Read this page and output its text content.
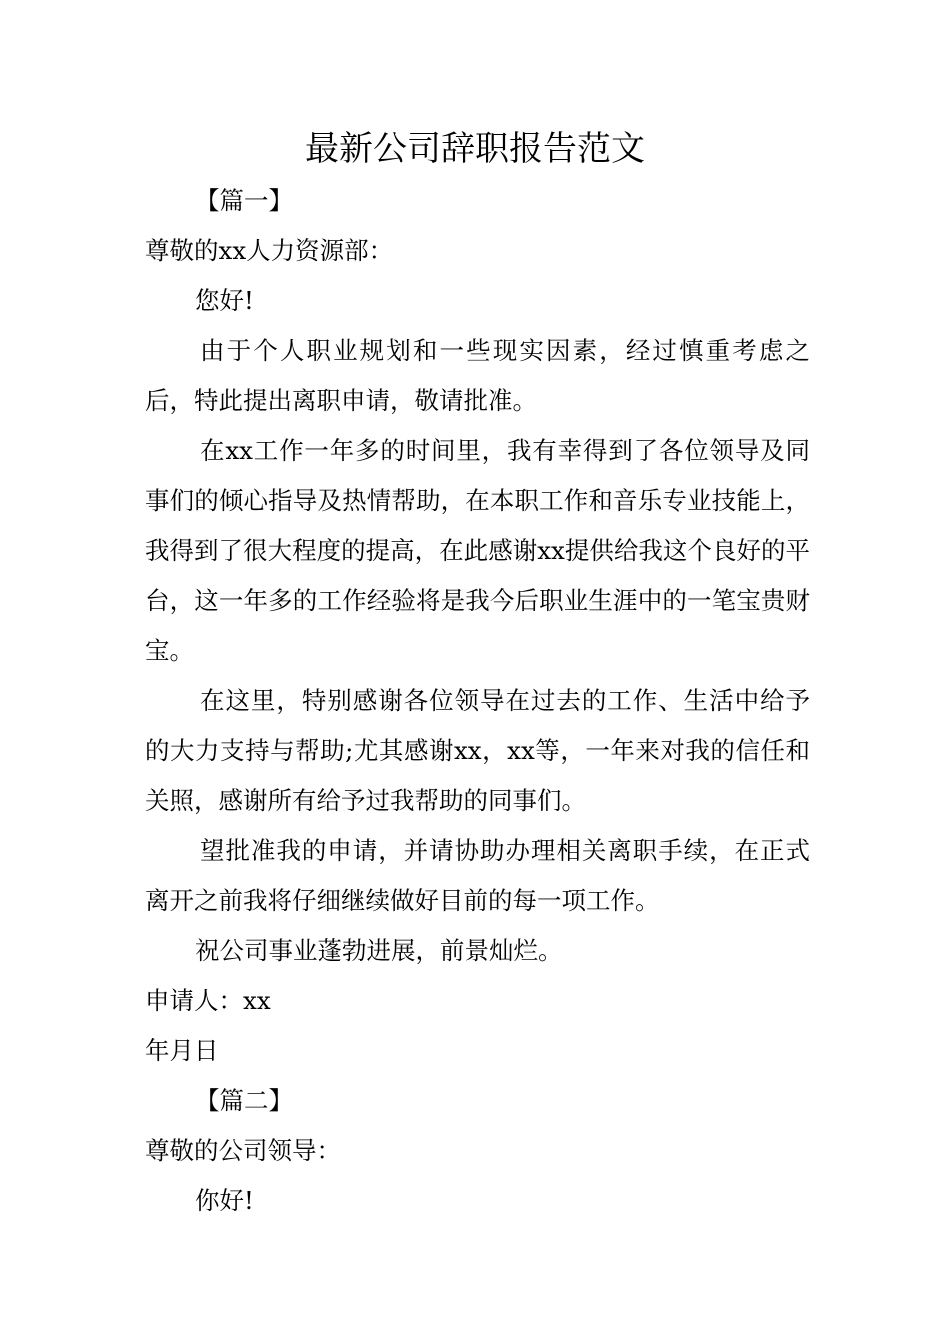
最新公司辞职报告范文

【篇一】

尊敬的xx人力资源部：

您好!

由于个人职业规划和一些现实因素，经过慎重考虑之后，特此提出离职申请，敬请批准。

在xx工作一年多的时间里，我有幸得到了各位领导及同事们的倾心指导及热情帮助，在本职工作和音乐专业技能上，我得到了很大程度的提高，在此感谢xx提供给我这个良好的平台，这一年多的工作经验将是我今后职业生涯中的一笔宝贵财宝。

在这里，特别感谢各位领导在过去的工作、生活中给予的大力支持与帮助;尤其感谢xx，xx等，一年来对我的信任和关照，感谢所有给予过我帮助的同事们。

望批准我的申请，并请协助办理相关离职手续，在正式离开之前我将仔细继续做好目前的每一项工作。

祝公司事业蓬勃进展，前景灿烂。

申请人：xx

年月日

【篇二】

尊敬的公司领导：

你好!
